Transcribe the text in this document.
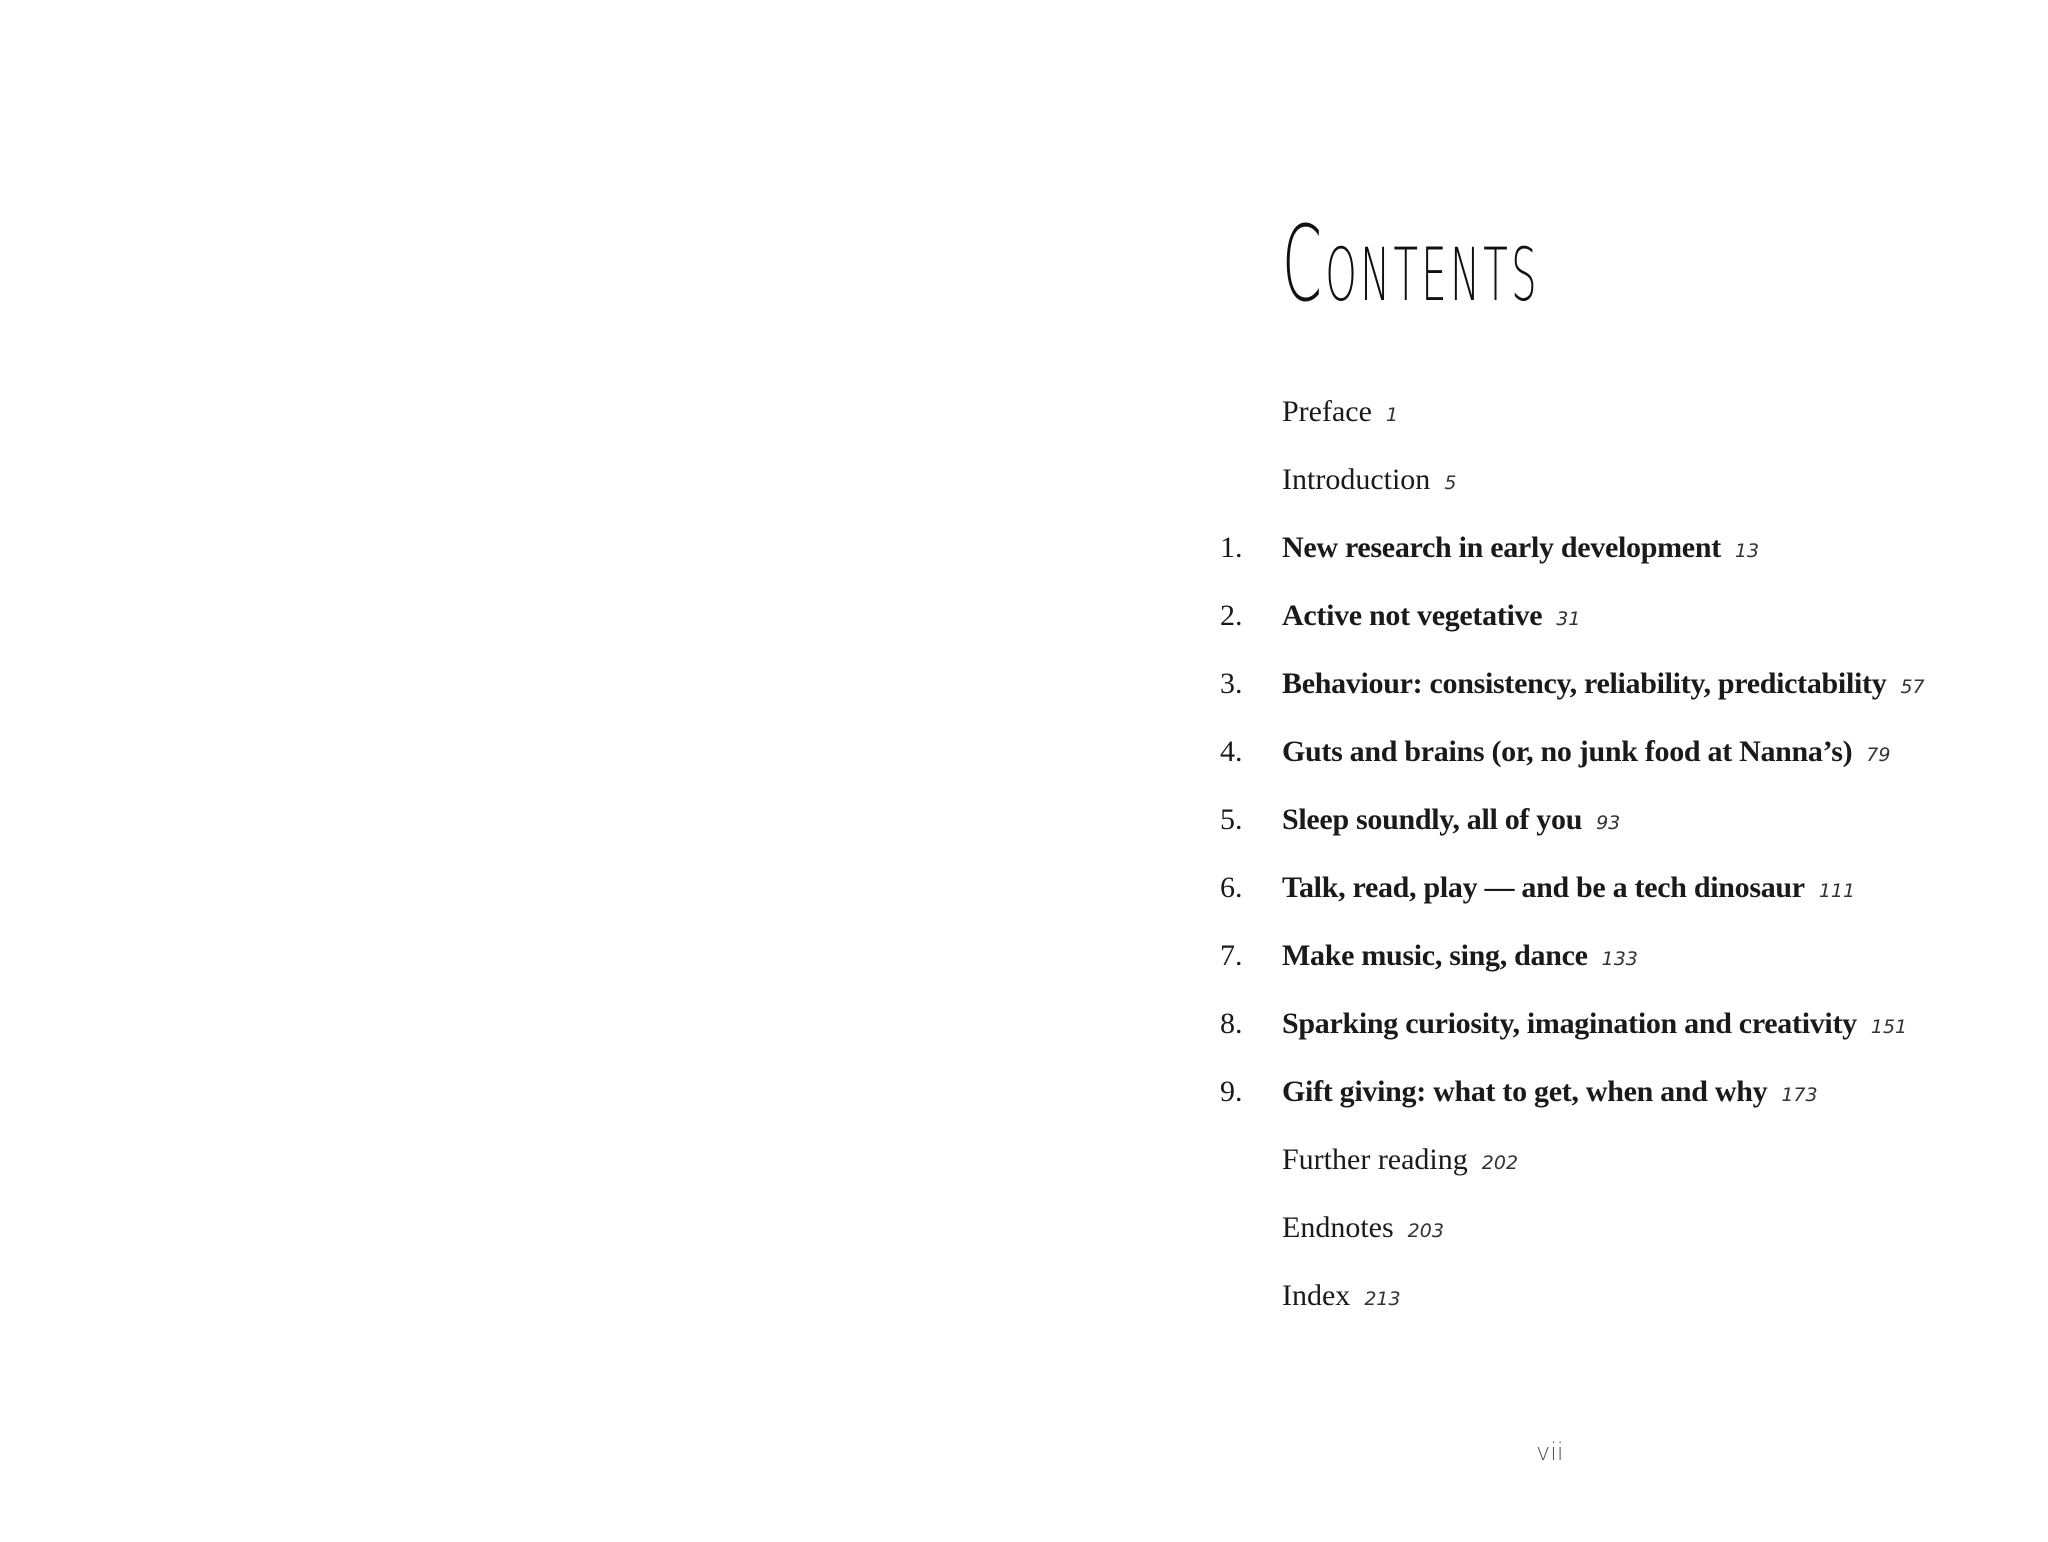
Contents
Preface 1
Introduction 5
1.	New research in early development 13
2.	Active not vegetative 31
3.	Behaviour: consistency, reliability, predictability 57
4.	Guts and brains (or, no junk food at Nanna’s) 79
5.	Sleep soundly, all of you 93
6.	Talk, read, play — and be a tech dinosaur 111
7.	Make music, sing, dance 133
8.	Sparking curiosity, imagination and creativity 151
9.	Gift giving: what to get, when and why 173
Further reading 202
Endnotes 203
Index 213
vii
